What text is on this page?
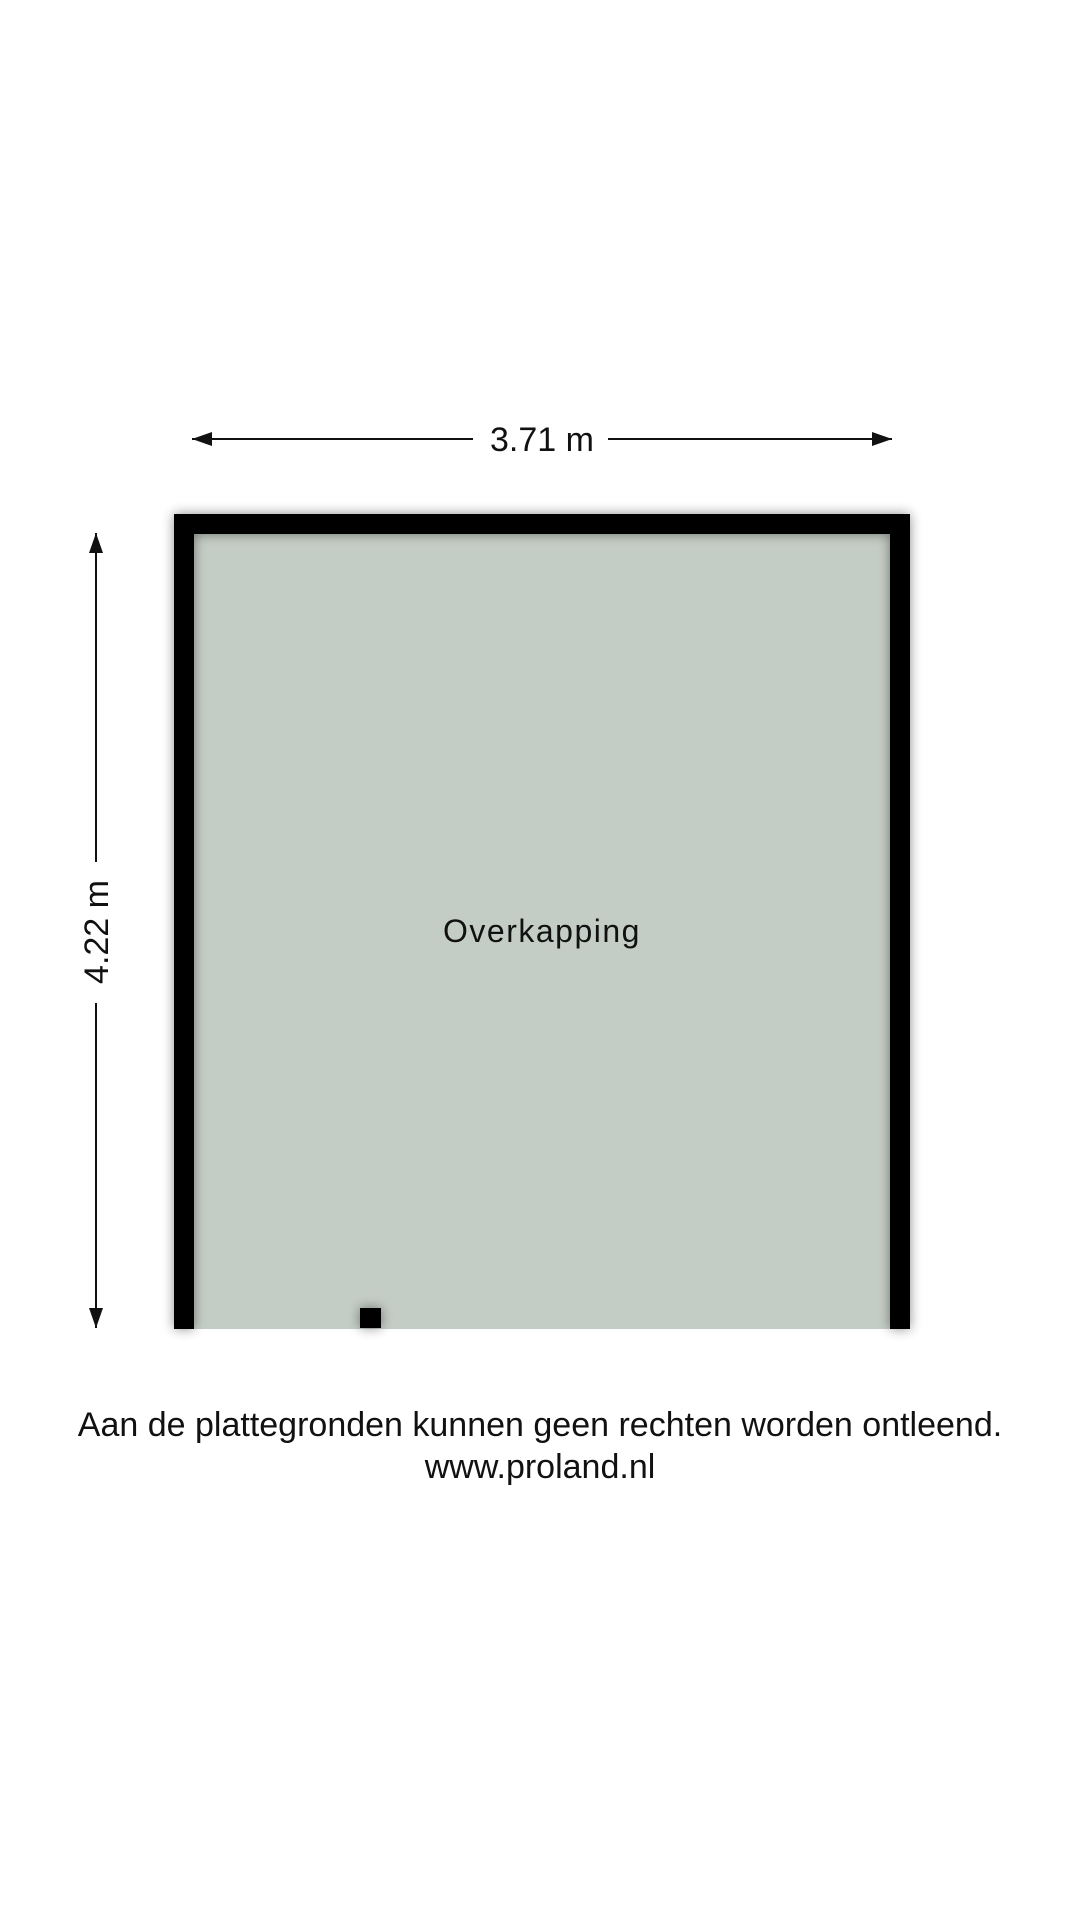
3.71 m
4.22 m	Overkapping
Aan de plattegronden kunnen geen rechten worden ontleend.
www.proland.nl
